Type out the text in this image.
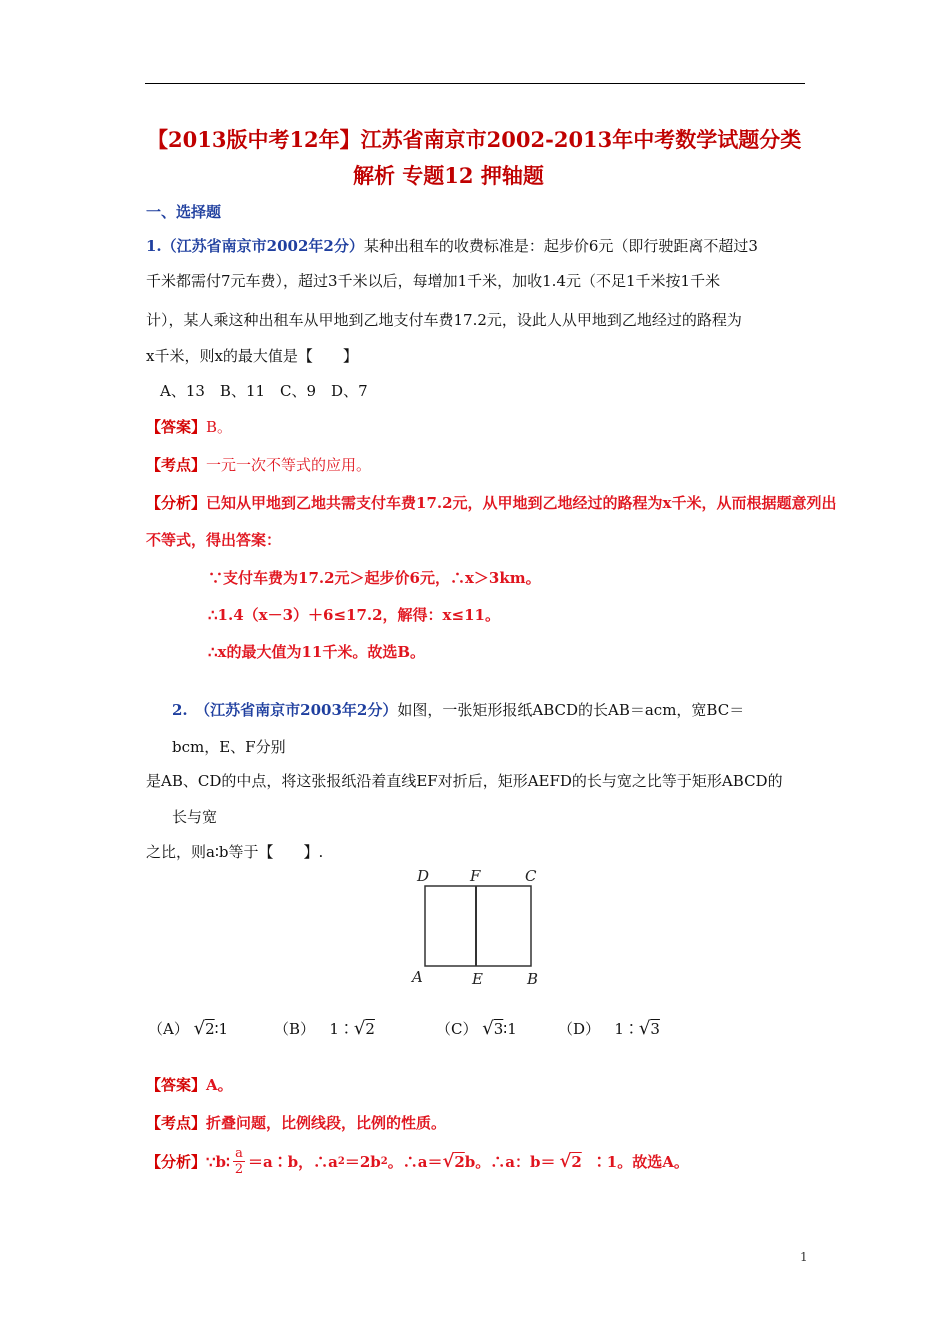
【2013版中考12年】江苏省南京市2002-2013年中考数学试题分类
解析 专题12 押轴题
一、选择题
1.（江苏省南京市2002年2分）某种出租车的收费标准是：起步价6元（即行驶距离不超过3
千米都需付7元车费），超过3千米以后，每增加1千米，加收1.4元（不足1千米按1千米
计），某人乘这种出租车从甲地到乙地支付车费17.2元，设此人从甲地到乙地经过的路程为
x千米，则x的最大值是【　　】
A、13　B、11　C、9　D、7
【答案】B。
【考点】一元一次不等式的应用。
【分析】已知从甲地到乙地共需支付车费17.2元，从甲地到乙地经过的路程为x千米，从而根据题意列出
不等式，得出答案：
∵支付车费为17.2元＞起步价6元，∴x＞3km。
∴1.4（x－3）＋6≤17.2，解得：x≤11。
∴x的最大值为11千米。故选B。
2.　（江苏省南京市2003年2分）如图，一张矩形报纸ABCD的长AB＝acm，宽BC＝
bcm，E、F分别
是AB、CD的中点，将这张报纸沿着直线EF对折后，矩形AEFD的长与宽之比等于矩形ABCD的
长与宽
之比，则a∶b等于【　　】.
D	F	C
A	E	B
（A） √2∶1	（B） 1∶√2	（C） √3∶1	（D） 1∶√3
【答案】A。
【考点】折叠问题，比例线段，比例的性质。
【分析】 ∵b∶ a
2 ＝a∶b，∴a 2 ＝2b 2 。∴a＝ √ 2 b。∴a：b＝ √ 2 ∶1。故选A。
1
